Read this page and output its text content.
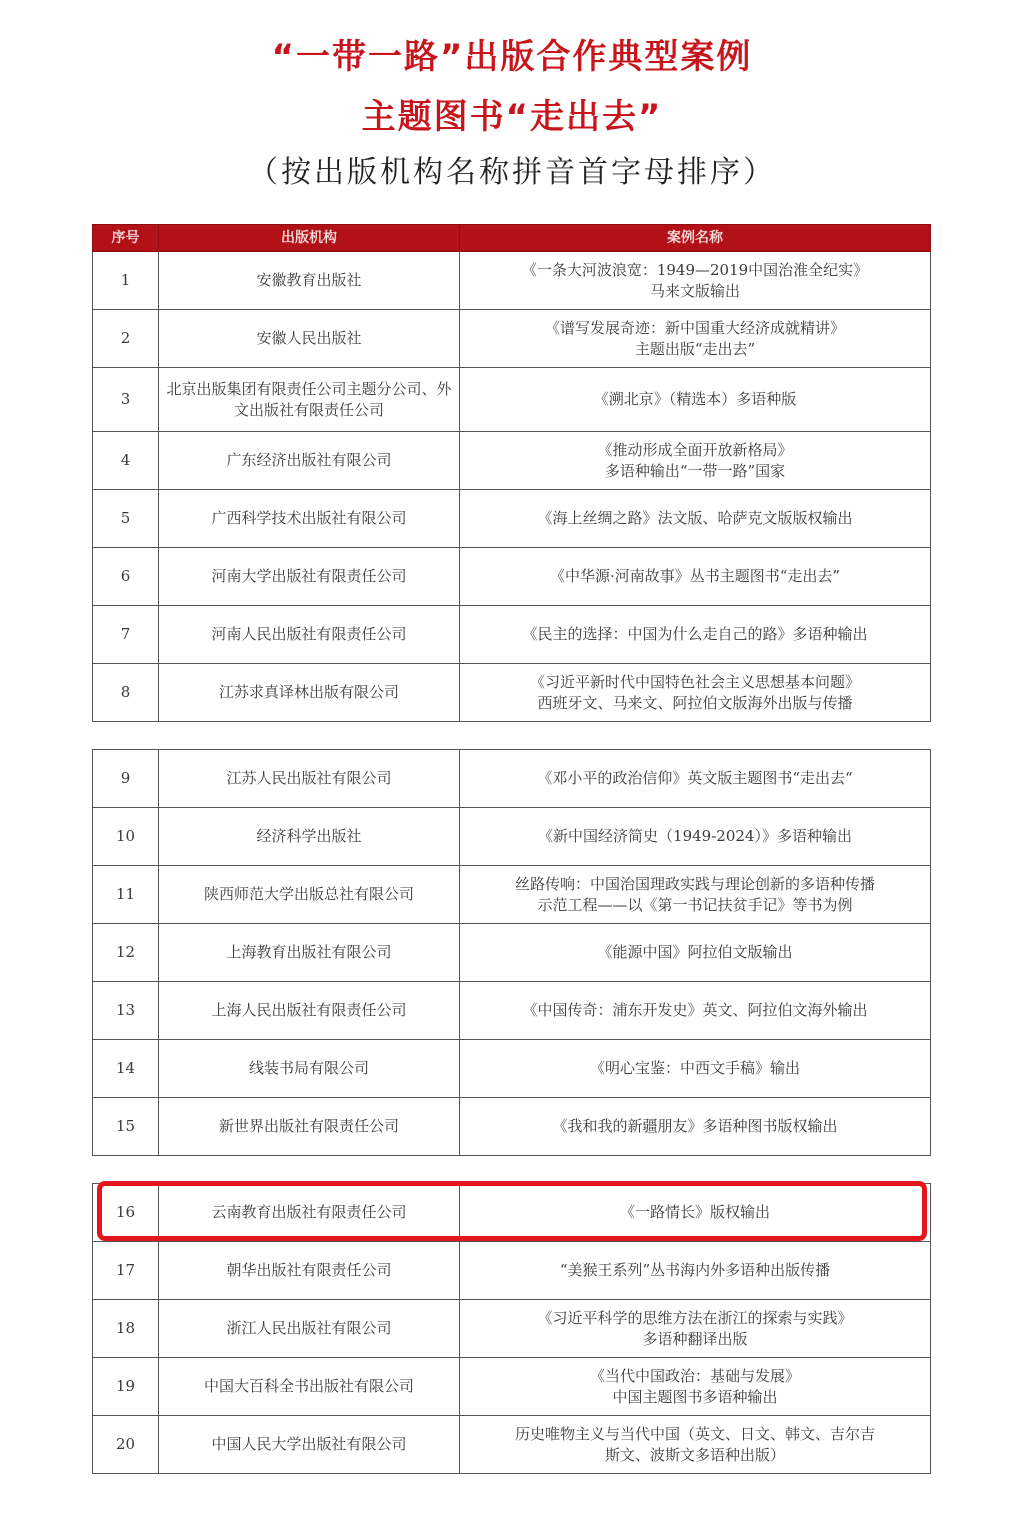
“一带一路”出版合作典型案例
主题图书“走出去”
（按出版机构名称拼音首字母排序）
序号	出版机构	案例名称
1	安徽教育出版社	《一条大河波浪宽：1949—2019中国治淮全纪实》
马来文版输出

2	安徽人民出版社	《谱写发展奇迹：新中国重大经济成就精讲》
主题出版“走出去”

3	北京出版集团有限责任公司主题分公司、外文出版社有限责任公司	《溯北京》（精选本）多语种版

4	广东经济出版社有限公司	《推动形成全面开放新格局》
多语种输出“一带一路”国家

5	广西科学技术出版社有限公司	《海上丝绸之路》法文版、哈萨克文版版权输出

6	河南大学出版社有限责任公司	《中华源·河南故事》丛书主题图书“走出去”

7	河南人民出版社有限责任公司	《民主的选择：中国为什么走自己的路》多语种输出

8	江苏求真译林出版有限公司	《习近平新时代中国特色社会主义思想基本问题》
西班牙文、马来文、阿拉伯文版海外出版与传播
9	江苏人民出版社有限公司	《邓小平的政治信仰》英文版主题图书“走出去“

10	经济科学出版社	《新中国经济简史（1949-2024）》多语种输出

11	陕西师范大学出版总社有限公司	丝路传响：中国治国理政实践与理论创新的多语种传播
示范工程——以《第一书记扶贫手记》等书为例

12	上海教育出版社有限公司	《能源中国》阿拉伯文版输出

13	上海人民出版社有限责任公司	《中国传奇：浦东开发史》英文、阿拉伯文海外输出

14	线装书局有限公司	《明心宝鉴：中西文手稿》输出

15	新世界出版社有限责任公司	《我和我的新疆朋友》多语种图书版权输出
16	云南教育出版社有限责任公司	《一路情长》版权输出

17	朝华出版社有限责任公司	“美猴王系列”丛书海内外多语种出版传播

18	浙江人民出版社有限公司	《习近平科学的思维方法在浙江的探索与实践》
多语种翻译出版

19	中国大百科全书出版社有限公司	《当代中国政治：基础与发展》
中国主题图书多语种输出

20	中国人民大学出版社有限公司	历史唯物主义与当代中国（英文、日文、韩文、吉尔吉
斯文、波斯文多语种出版）
